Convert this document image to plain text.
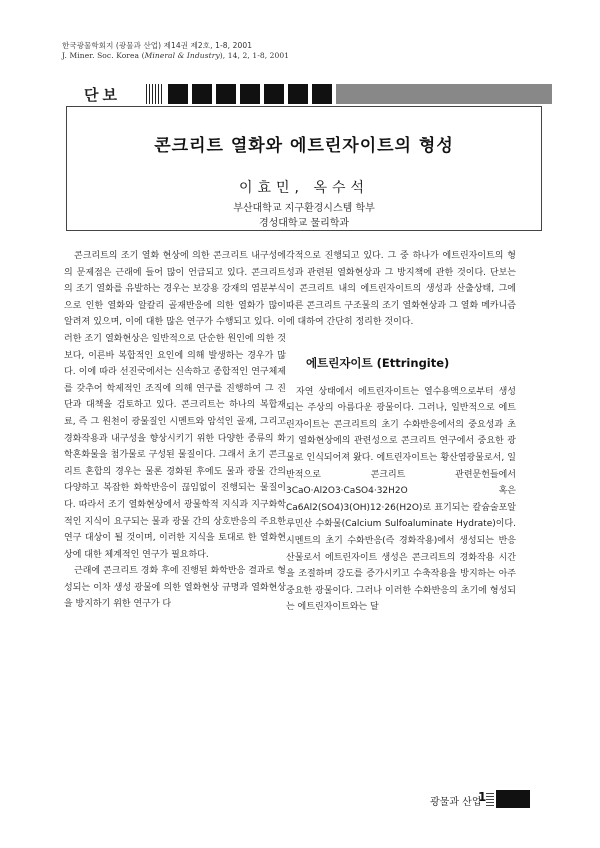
한국광물학회지 (광물과 산업) 제14권 제2호, 1-8, 2001
J. Miner. Soc. Korea (Mineral & Industry), 14, 2, 1-8, 2001
단보
콘크리트 열화와 에트린자이트의 형성
이효민, 옥수석
부산대학교 지구환경시스템 학부
경성대학교 물리학과

콘크리트의 조기 열화 현상에 의한 콘크리트 내구성에의 문제점은 근래에 들어 많이 언급되고 있다. 콘크리트의 조기 열화를 유발하는 경우는 보강용 강재의 염분부식으로 인한 열화와 알칼리 골재반응에 의한 열화가 많이 알려져 있으며, 이에 대한 많은 연구가 수행되고 있다. 이러한 조기 열화현상은 일반적으로 단순한 원인에 의한 것보다, 이른바 복합적인 요인에 의해 발생하는 경우가 많다. 이에 따라 선진국에서는 신속하고 종합적인 연구체제를 갖추어 학제적인 조직에 의해 연구를 진행하여 그 진단과 대책을 검토하고 있다. 콘크리트는 하나의 복합재료, 즉 그 원천이 광물질인 시멘트와 암석인 골재, 그리고 경화작용과 내구성을 향상시키기 위한 다양한 종류의 화학혼화물을 첨가물로 구성된 물질이다. 그래서 초기 콘크리트 혼합의 경우는 물론 경화된 후에도 물과 광물 간의 다양하고 복잡한 화학반응이 끊임없이 진행되는 물질이다. 따라서 조기 열화현상에서 광물학적 지식과 지구화학적인 지식이 요구되는 물과 광물 간의 상호반응의 주요한 연구 대상이 될 것이며, 이러한 지식을 토대로 한 열화현상에 대한 체계적인 연구가 필요하다.

근래에 콘크리트 경화 후에 진행된 화학반응 결과로 형성되는 이차 생성 광물에 의한 열화현상 규명과 열화현상을 방지하기 위한 연구가 다

각적으로 진행되고 있다. 그 중 하나가 에트린자이트의 형성과 관련된 열화현상과 그 방지책에 관한 것이다. 단보는 이 콘크리트 내의 에트린자이트의 생성과 산출상태, 그에 따른 콘크리트 구조물의 조기 열화현상과 그 열화 메카니즘에 대하여 간단히 정리한 것이다.

에트린자이트 (Ettringite)

자연 상태에서 에트린자이트는 열수용액으로부터 생성되는 주상의 아름다운 광물이다. 그러나, 일반적으로 에트린자이트는 콘크리트의 초기 수화반응에서의 중요성과 초기 열화현상에의 관련성으로 콘크리트 연구에서 중요한 광물로 인식되어져 왔다. 에트린자이트는 황산염광물로서, 일반적으로 콘크리트 관련문헌들에서 3CaO·Al2O3·CaSO4·32H2O 혹은 Ca6Al2(SO4)3(OH)12·26(H2O)로 표기되는 칼슘술포알루민산 수화물(Calcium Sulfoaluminate Hydrate)이다. 시멘트의 초기 수화반응(즉 경화작용)에서 생성되는 반응 산물로서 에트린자이트 생성은 콘크리트의 경화작용 시간을 조절하며 강도를 증가시키고 수축작용을 방지하는 아주 중요한 광물이다. 그러나 이러한 수화반응의 초기에 형성되는 에트린자이트와는 달

광물과 산업
1
